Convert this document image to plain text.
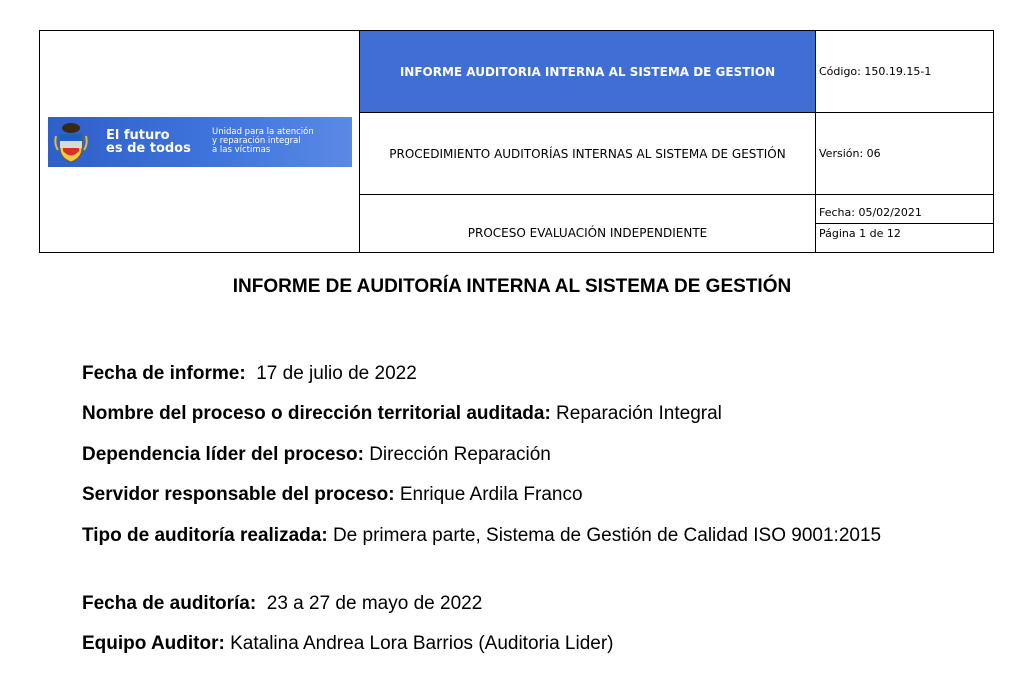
El futuro
es de todos
Unidad para la atención
y reparación integral
a las víctimas	INFORME AUDITORIA INTERNA AL SISTEMA DE GESTION	Código: 150.19.15-1
	PROCEDIMIENTO AUDITORÍAS INTERNAS AL SISTEMA DE GESTIÓN	Versión: 06
	PROCESO EVALUACIÓN INDEPENDIENTE	Fecha: 05/02/2021
Página 1 de 12
INFORME DE AUDITORÍA INTERNA AL SISTEMA DE GESTIÓN
Fecha de informe: 17 de julio de 2022
Nombre del proceso o dirección territorial auditada: Reparación Integral
Dependencia líder del proceso: Dirección Reparación
Servidor responsable del proceso: Enrique Ardila Franco
Tipo de auditoría realizada: De primera parte, Sistema de Gestión de Calidad ISO 9001:2015
Fecha de auditoría: 23 a 27 de mayo de 2022
Equipo Auditor: Katalina Andrea Lora Barrios (Auditoria Lider)
